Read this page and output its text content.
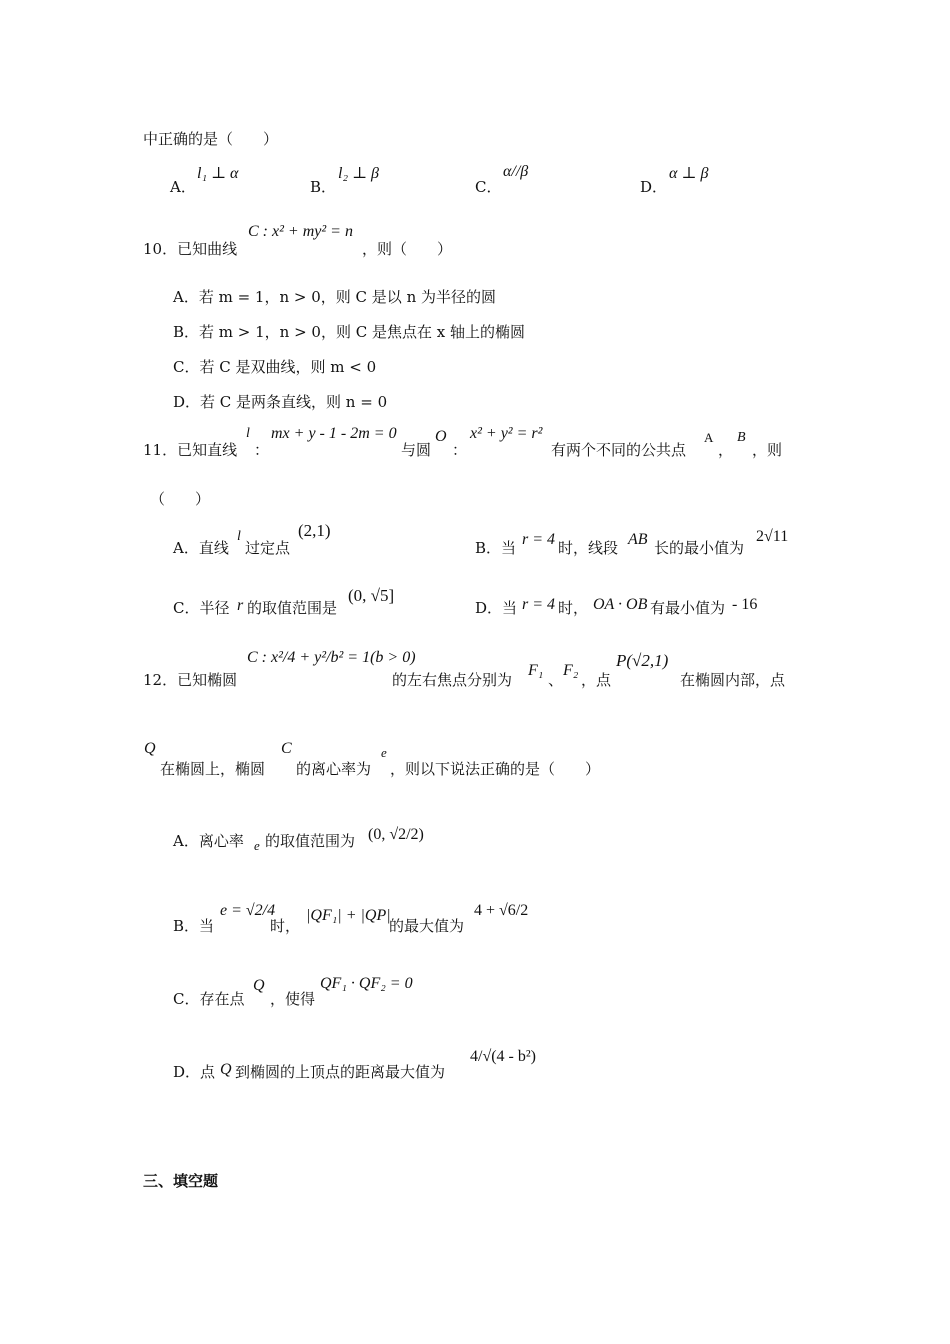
中正确的是（　　）
A．
l₁ ⊥ α
B．
l₂ ⊥ β
C．
α//β
D．
α ⊥ β
10．已知曲线
C : x² + my² = n
，则（　　）
A．若 m = 1，n > 0，则 C 是以 n 为半径的圆
B．若 m > 1，n > 0，则 C 是焦点在 x 轴上的椭圆
C．若 C 是双曲线，则 m < 0
D．若 C 是两条直线，则 n = 0
11．已知直线
l
：
mx + y - 1 - 2m = 0
与圆
O
：
x² + y² = r²
有两个不同的公共点
A
，
B
，则
（　　）
A．直线
l
过定点
(2,1)
B．当 r = 4 时，线段 AB 长的最小值为
2√11
C．半径 r 的取值范围是
(0, √5]
D．当 r = 4 时， OA · OB 有最小值为 - 16
12．已知椭圆
C : x²/4 + y²/b² = 1(b > 0)
的左右焦点分别为
F₁
、
F₂
，点
P(√2,1)
在椭圆内部，点
Q
在椭圆上，椭圆
C
的离心率为
e
，则以下说法正确的是（　　）
A．离心率 e 的取值范围为 (0, √2/2)
B．当
e = √2/4
时，
|QF₁| + |QP|
的最大值为
4 + √6/2
C．存在点
Q
，使得
QF₁ · QF₂ = 0
D．点 Q 到椭圆的上顶点的距离最大值为
4/√(4 - b²)
三、填空题
